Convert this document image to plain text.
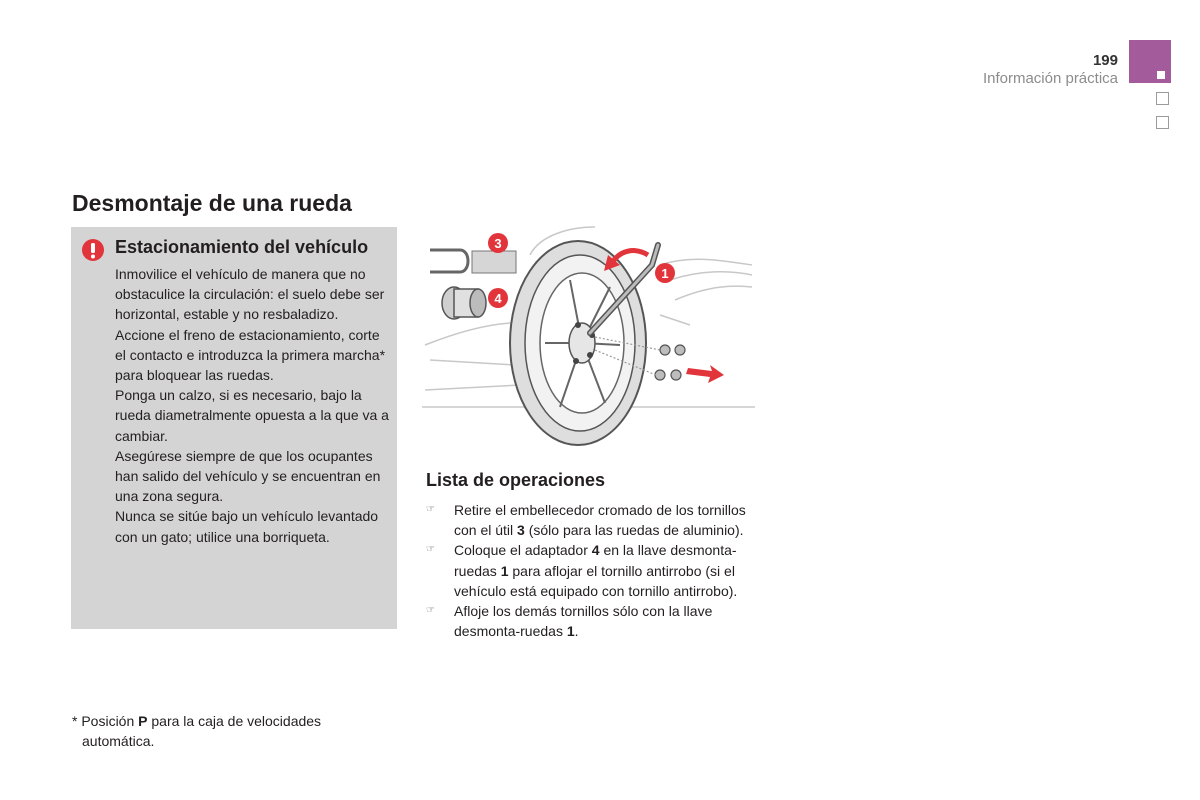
199
Información práctica
Desmontaje de una rueda
Estacionamiento del vehículo

Inmovilice el vehículo de manera que no obstaculice la circulación: el suelo debe ser horizontal, estable y no resbaladizo.

Accione el freno de estacionamiento, corte el contacto e introduzca la primera marcha* para bloquear las ruedas.

Ponga un calzo, si es necesario, bajo la rueda diametralmente opuesta a la que va a cambiar.

Asegúrese siempre de que los ocupantes han salido del vehículo y se encuentran en una zona segura.

Nunca se sitúe bajo un vehículo levantado con un gato; utilice una borriqueta.

3
4
1
Lista de operaciones
☞ Retire el embellecedor cromado de los tornillos con el útil 3 (sólo para las ruedas de aluminio).
☞ Coloque el adaptador 4 en la llave desmonta-ruedas 1 para aflojar el tornillo antirrobo (si el vehículo está equipado con tornillo antirrobo).
☞ Afloje los demás tornillos sólo con la llave desmonta-ruedas 1.
* Posición P para la caja de velocidades
automática.
